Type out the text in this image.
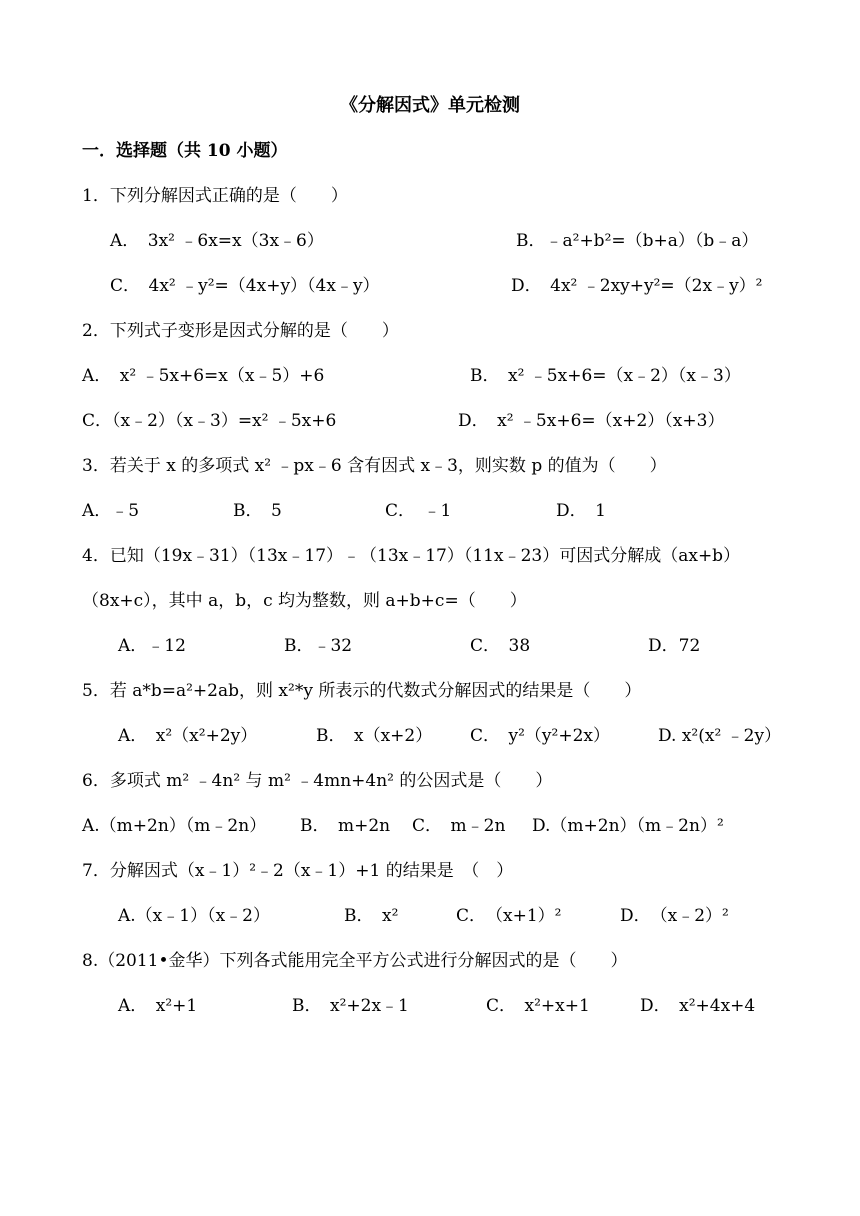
《分解因式》单元检测
一．选择题（共 10 小题）
1．下列分解因式正确的是（　　）
A．　3x² ﹣6x=x（3x﹣6）	B．﹣a²+b²=（b+a）（b﹣a）
C．　4x² ﹣y²=（4x+y）（4x﹣y）	D．　4x² ﹣2xy+y²=（2x﹣y）²
2．下列式子变形是因式分解的是（　　）
A．　x² ﹣5x+6=x（x﹣5）+6	B．　x² ﹣5x+6=（x﹣2）（x﹣3）
C．（x﹣2）（x﹣3）=x² ﹣5x+6	D．　x² ﹣5x+6=（x+2）（x+3）
3．若关于 x 的多项式 x² ﹣px﹣6 含有因式 x﹣3，则实数 p 的值为（　　）
A．﹣5	B．　5	C．　﹣1	D．　1
4．已知（19x﹣31）（13x﹣17）﹣（13x﹣17）（11x﹣23）可因式分解成（ax+b）
（8x+c），其中 a，b，c 均为整数，则 a+b+c=（　　）
A．﹣12	B．﹣32	C．　38	D．72
5．若 a*b=a²+2ab，则 x²*y 所表示的代数式分解因式的结果是（　　）
A．　x²（x²+2y）	B．　x（x+2） C．　y²（y²+2x）	D. x²(x² ﹣2y）
6．多项式 m² ﹣4n² 与 m² ﹣4mn+4n² 的公因式是（　　）
A.（m+2n）（m﹣2n） B．　m+2n C．　m﹣2n D.（m+2n）（m﹣2n）²
7．分解因式（x﹣1）²﹣2（x﹣1）+1 的结果是　（　）
A.（x﹣1）（x﹣2）	B．　x²	C．　（x+1）²	D．　（x﹣2）²
8.（2011•金华）下列各式能用完全平方公式进行分解因式的是（　　）
A．　x²+1	B．　x²+2x﹣1	C．　x²+x+1	D．　x²+4x+4
